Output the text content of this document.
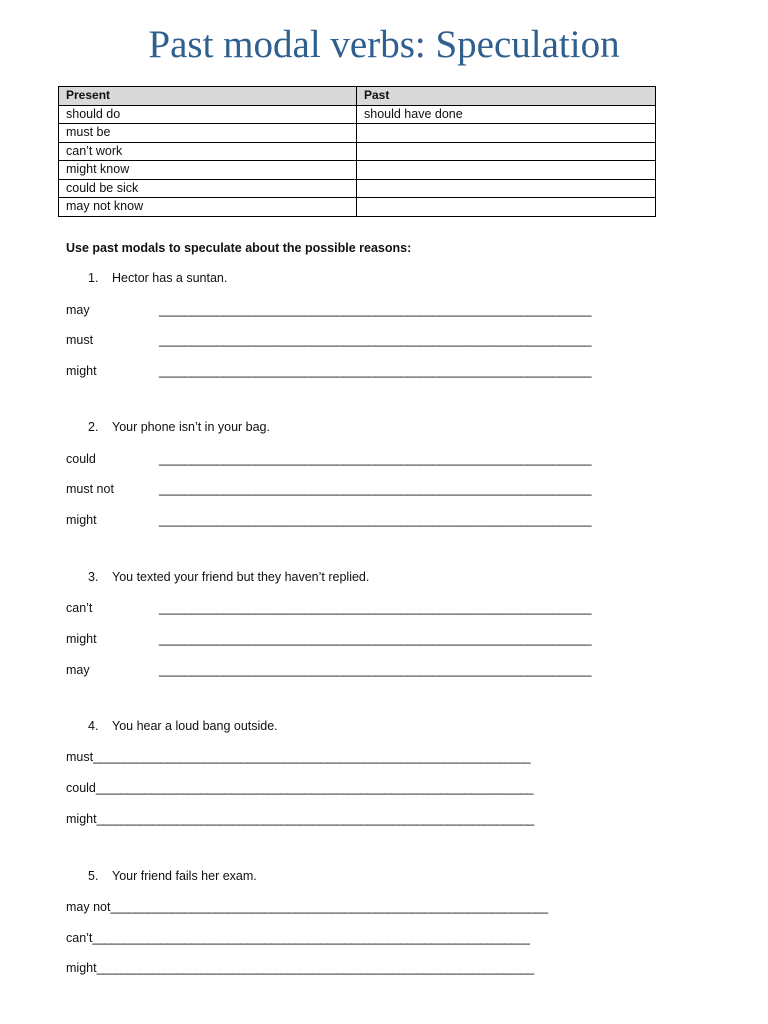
Past modal verbs: Speculation
Present	Past
should do	should have done
must be	
can’t work	
might know	
could be sick	
may not know	
Use past modals to speculate about the possible reasons:
1. Hector has a suntan.
may	____________________________________________________________________
must	____________________________________________________________________
might	____________________________________________________________________
2. Your phone isn’t in your bag.
could	____________________________________________________________________
must not	____________________________________________________________________
might	____________________________________________________________________
3. You texted your friend but they haven’t replied.
can’t	____________________________________________________________________
might	____________________________________________________________________
may	____________________________________________________________________
4. You hear a loud bang outside.
must_______________________________________________________________________
could_______________________________________________________________________
might_______________________________________________________________________
5. Your friend fails her exam.
may not_______________________________________________________________________
can’t_______________________________________________________________________
might_______________________________________________________________________
